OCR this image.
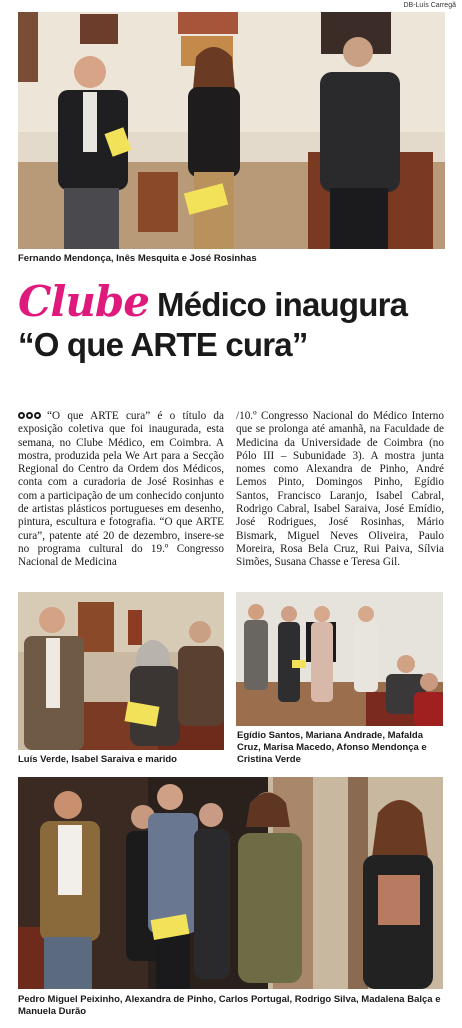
DB-Luís Carregã
Fernando Mendonça, Inês Mesquita e José Rosinhas
Clube Médico inaugura
“O que ARTE cura”
“O que ARTE cura” é o título da exposição coletiva que foi inaugurada, esta semana, no Clube Médico, em Coimbra. A mostra, produzida pela We Art para a Secção Regional do Centro da Ordem dos Médicos, conta com a curadoria de José Rosinhas e com a participação de um conhecido conjunto de artistas plásticos portugueses em desenho, pintura, escultura e fotografia. “O que ARTE cura”, patente até 20 de dezembro, insere-se no programa cultural do 19.º Congresso Nacional de Medicina
/10.º Congresso Nacional do Médico Interno que se prolonga até amanhã, na Faculdade de Medicina da Universidade de Coimbra (no Pólo III – Subunidade 3). A mostra junta nomes como Alexandra de Pinho, André Lemos Pinto, Domingos Pinho, Egídio Santos, Francisco Laranjo, Isabel Cabral, Rodrigo Cabral, Isabel Saraiva, José Emídio, José Rodrigues, José Rosinhas, Mário Bismark, Miguel Neves Oliveira, Paulo Moreira, Rosa Bela Cruz, Rui Paiva, Sílvia Simões, Susana Chasse e Teresa Gil.
Luís Verde, Isabel Saraiva e marido
Egídio Santos, Mariana Andrade, Mafalda Cruz, Marisa Macedo, Afonso Mendonça e Cristina Verde
Pedro Miguel Peixinho, Alexandra de Pinho, Carlos Portugal, Rodrigo Silva, Madalena Balça e Manuela Durão
